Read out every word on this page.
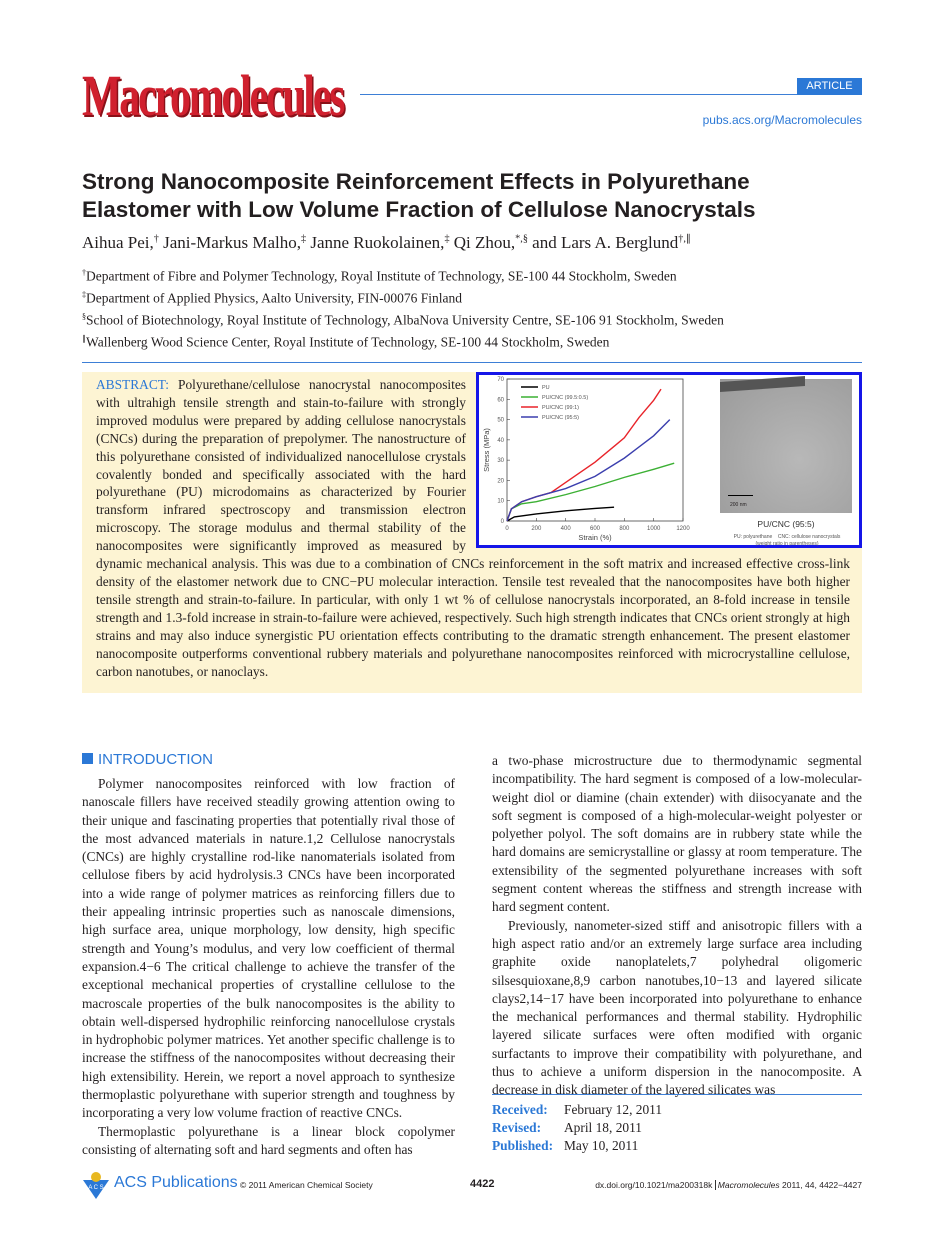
Macromolecules	ARTICLE
pubs.acs.org/Macromolecules
Strong Nanocomposite Reinforcement Effects in Polyurethane Elastomer with Low Volume Fraction of Cellulose Nanocrystals
Aihua Pei,† Jani-Markus Malho,‡ Janne Ruokolainen,‡ Qi Zhou,*,§ and Lars A. Berglund†,∥
†Department of Fibre and Polymer Technology, Royal Institute of Technology, SE-100 44 Stockholm, Sweden
‡Department of Applied Physics, Aalto University, FIN-00076 Finland
§School of Biotechnology, Royal Institute of Technology, AlbaNova University Centre, SE-106 91 Stockholm, Sweden
∥Wallenberg Wood Science Center, Royal Institute of Technology, SE-100 44 Stockholm, Sweden
0	200	400	600	800	1000	1200
0
10
20
30
40
50
60
70
Strain (%)
Stress (MPa)
PU
PU/CNC (99.5:0.5)
PU/CNC (99:1)
PU/CNC (95:5)
200 nm
PU/CNC (95:5)
PU: polyurethane    CNC: cellulose nanocrystals
(weight ratio in parentheses)
ABSTRACT: Polyurethane/cellulose nanocrystal nanocomposites with ultrahigh tensile strength and stain-to-failure with strongly improved modulus were prepared by adding cellulose nanocrystals (CNCs) during the preparation of prepolymer. The nanostructure of this polyurethane consisted of individualized nanocellulose crystals covalently bonded and specifically associated with the hard polyurethane (PU) microdomains as characterized by Fourier transform infrared spectroscopy and transmission electron microscopy. The storage modulus and thermal stability of the nanocomposites were significantly improved as measured by dynamic mechanical analysis. This was due to a combination of CNCs reinforcement in the soft matrix and increased effective cross-link density of the elastomer network due to CNC−PU molecular interaction. Tensile test revealed that the nanocomposites have both higher tensile strength and strain-to-failure. In particular, with only 1 wt % of cellulose nanocrystals incorporated, an 8-fold increase in tensile strength and 1.3-fold increase in strain-to-failure were achieved, respectively. Such high strength indicates that CNCs orient strongly at high strains and may also induce synergistic PU orientation effects contributing to the dramatic strength enhancement. The present elastomer nanocomposite outperforms conventional rubbery materials and polyurethane nanocomposites reinforced with microcrystalline cellulose, carbon nanotubes, or nanoclays.
INTRODUCTION

Polymer nanocomposites reinforced with low fraction of nanoscale fillers have received steadily growing attention owing to their unique and fascinating properties that potentially rival those of the most advanced materials in nature.1,2 Cellulose nanocrystals (CNCs) are highly crystalline rod-like nanomaterials isolated from cellulose fibers by acid hydrolysis.3 CNCs have been incorporated into a wide range of polymer matrices as reinforcing fillers due to their appealing intrinsic properties such as nanoscale dimensions, high surface area, unique morphology, low density, high specific strength and Young’s modulus, and very low coefficient of thermal expansion.4−6 The critical challenge to achieve the transfer of the exceptional mechanical properties of crystalline cellulose to the macroscale properties of the bulk nanocomposites is the ability to obtain well-dispersed hydrophilic reinforcing nanocellulose crystals in hydrophobic polymer matrices. Yet another specific challenge is to increase the stiffness of the nanocomposites without decreasing their high extensibility. Herein, we report a novel approach to synthesize thermoplastic polyurethane with superior strength and toughness by incorporating a very low volume fraction of reactive CNCs.

Thermoplastic polyurethane is a linear block copolymer consisting of alternating soft and hard segments and often has

a two-phase microstructure due to thermodynamic segmental incompatibility. The hard segment is composed of a low-molecular-weight diol or diamine (chain extender) with diisocyanate and the soft segment is composed of a high-molecular-weight polyester or polyether polyol. The soft domains are in rubbery state while the hard domains are semicrystalline or glassy at room temperature. The extensibility of the segmented polyurethane increases with soft segment content whereas the stiffness and strength increase with hard segment content.

Previously, nanometer-sized stiff and anisotropic fillers with a high aspect ratio and/or an extremely large surface area including graphite oxide nanoplatelets,7 polyhedral oligomeric silsesquioxane,8,9 carbon nanotubes,10−13 and layered silicate clays2,14−17 have been incorporated into polyurethane to enhance the mechanical performances and thermal stability. Hydrophilic layered silicate surfaces were often modified with organic surfactants to improve their compatibility with polyurethane, and thus to achieve a uniform dispersion in the nanocomposite. A decrease in disk diameter of the layered silicates was

Received: February 12, 2011
Revised: April 18, 2011
Published: May 10, 2011
A C S ACS Publications © 2011 American Chemical Society	4422	dx.doi.org/10.1021/ma200318k Macromolecules 2011, 44, 4422−4427
